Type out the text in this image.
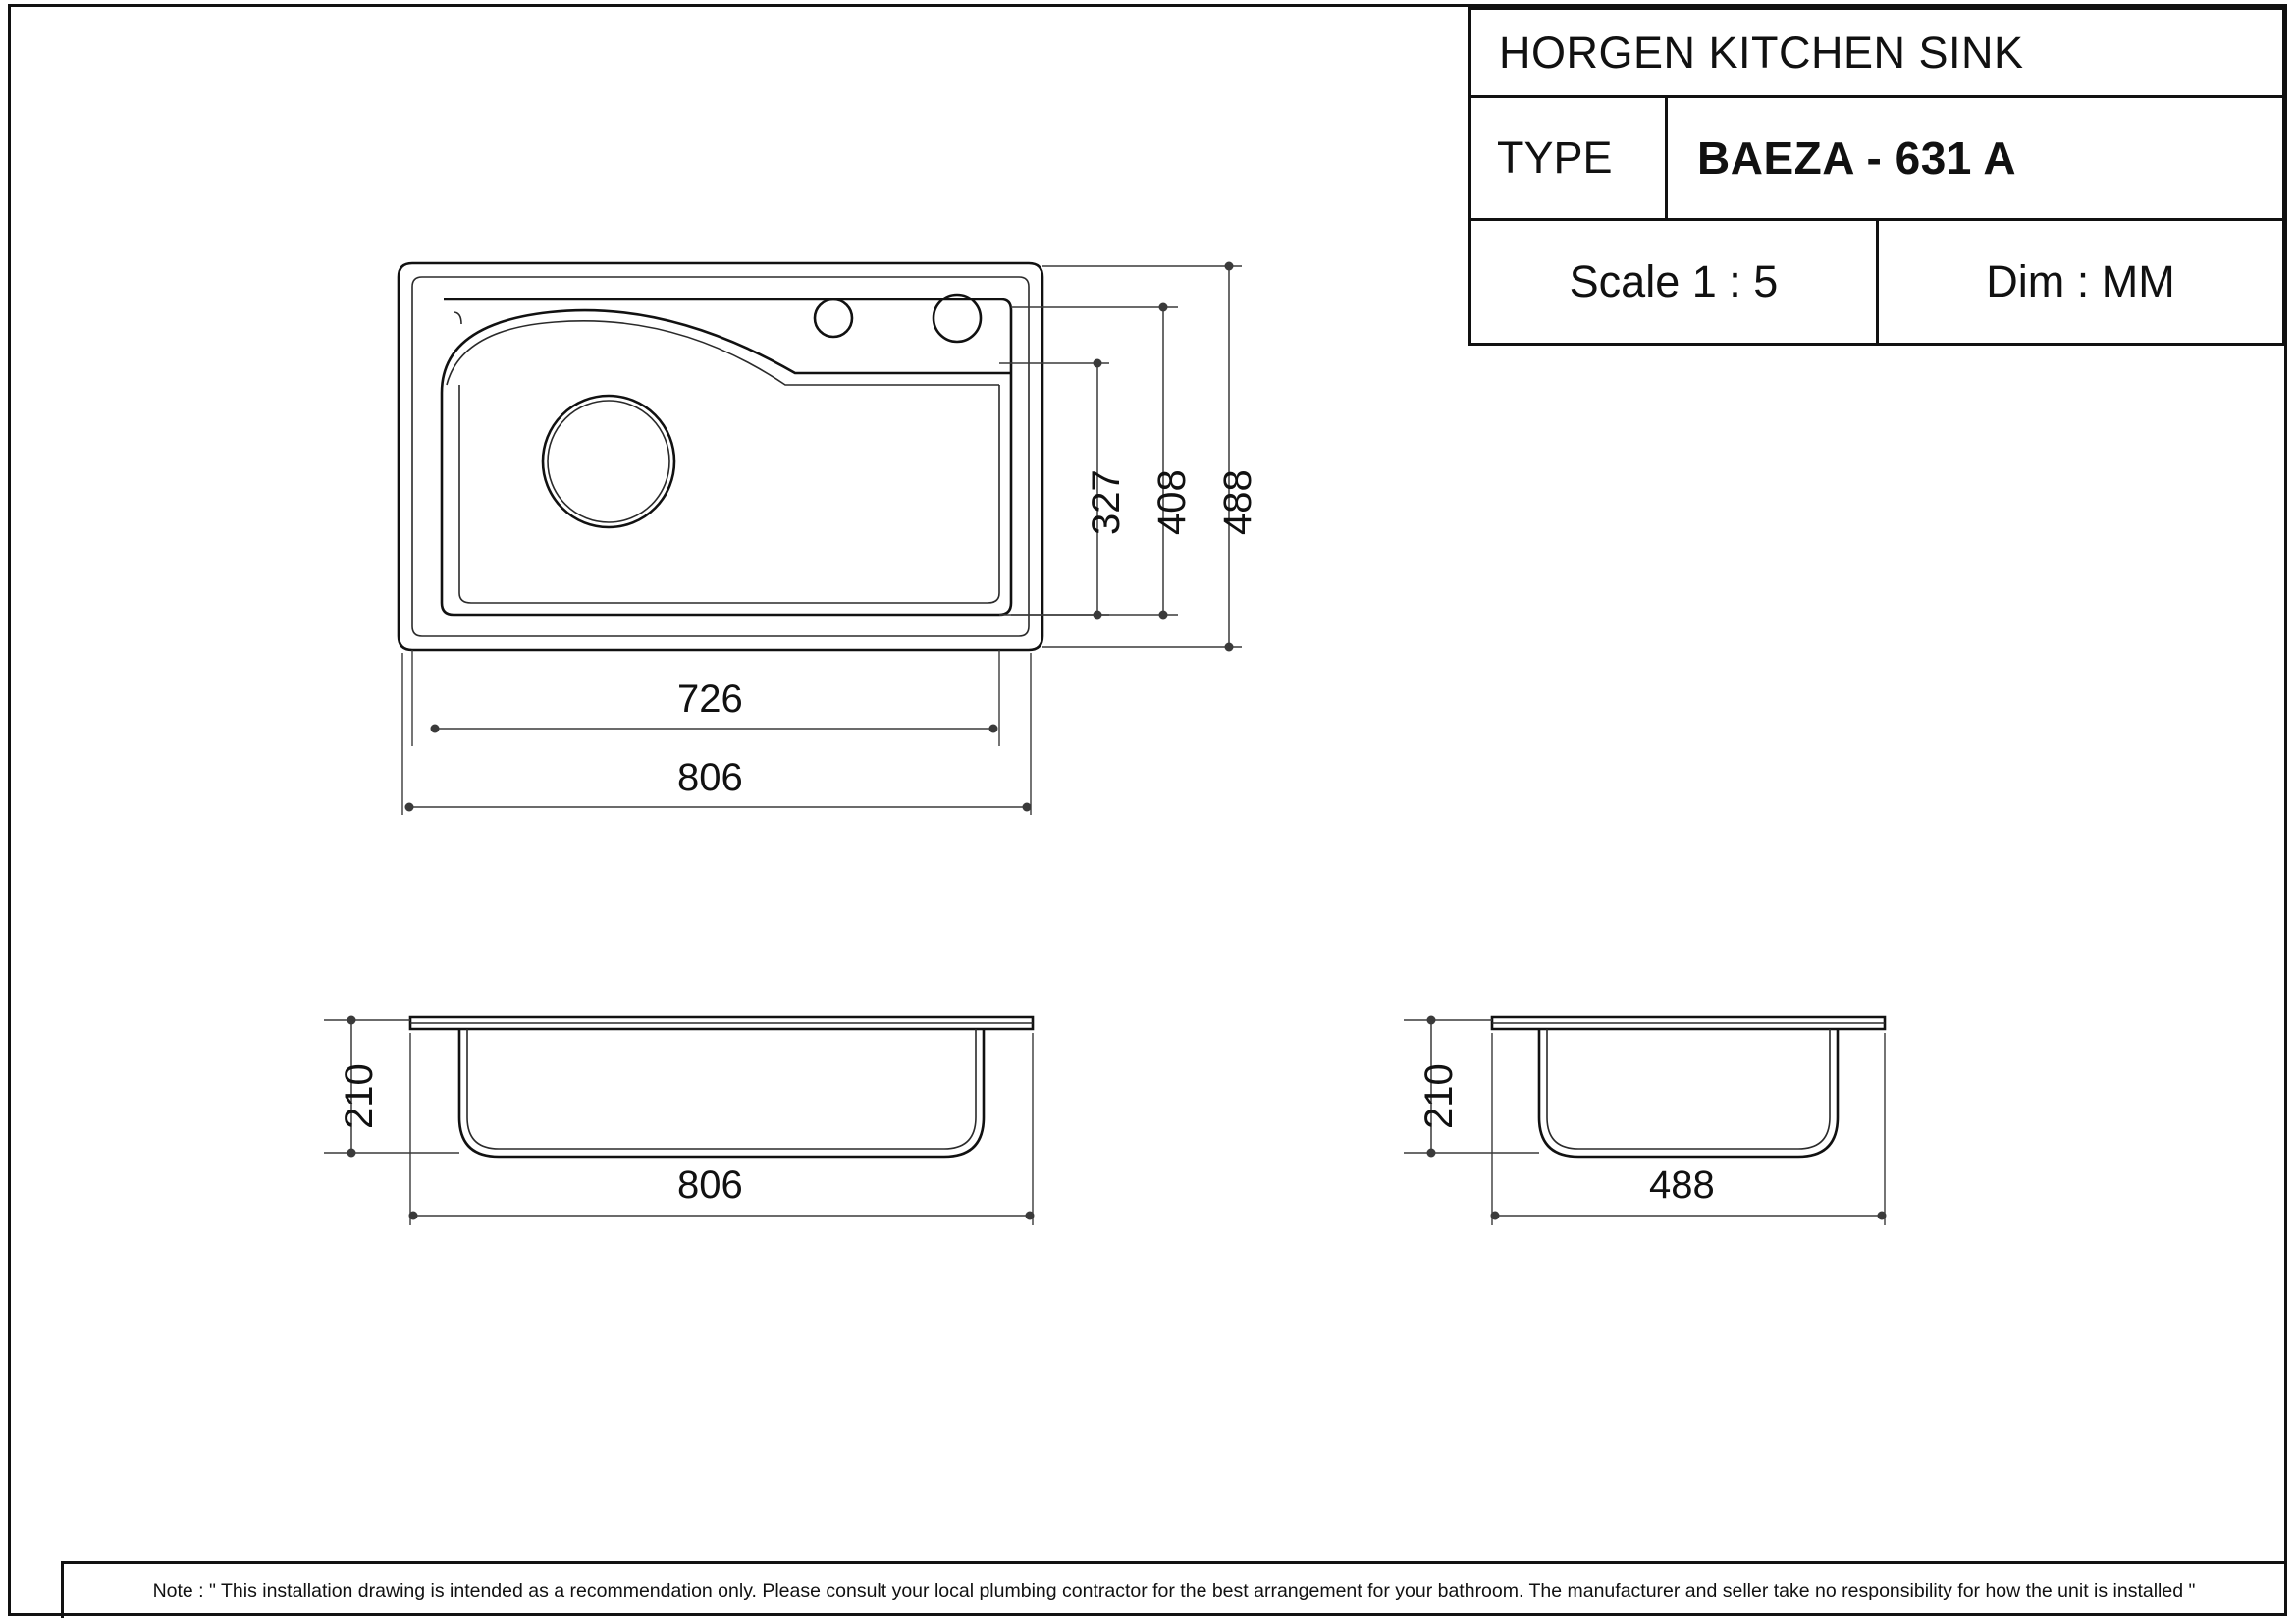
HORGEN KITCHEN SINK
TYPE	BAEZA - 631 A
Scale 1 : 5	Dim : MM
327 408 488
726
806
210
806
210
488
Note : " This installation drawing is intended as a recommendation only. Please consult your local plumbing contractor for the best arrangement for your bathroom. The manufacturer and seller take no responsibility for how the unit is installed "
